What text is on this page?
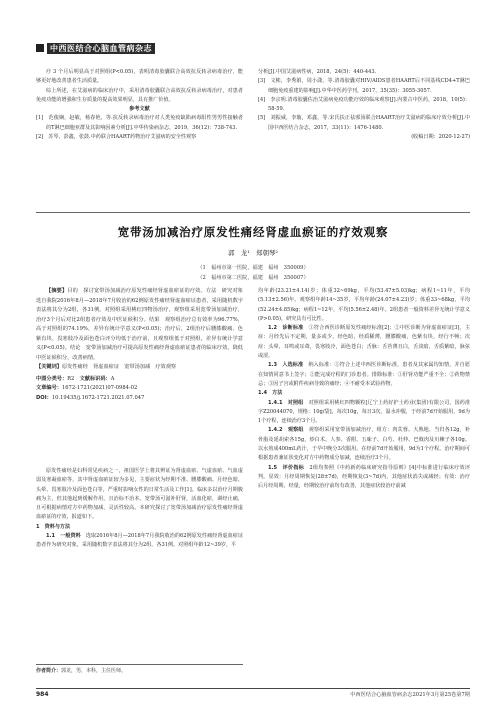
中西医结合心脑血管病杂志

疗 3 个月后明显高于对照组(P<0.05)，表明清毒胶囊联合高效抗反转录病毒治疗，能够更好地改善患者生活质量。

综上所述，在艾滋病的临床治疗中，采用清毒胶囊联合高效抗反转录病毒治疗，对患者免疫功能的增强和生存质量的提高效果明显，具有推广价值。

参考文献

[1]　范俊娴，赵敏，杨春艳，等.抗反转录病毒治疗对人类免疫缺陷病毒阳性男男性接触者的T淋巴细胞亚群及其影响因素分析[J].中华传染病杂志，2019，36(12)：738-743.

[2]　苏琴，彭鑫，张鼓.中药联合HAART药物治疗艾滋病的安全性观察

分析[J].中国艾滋病性病，2018，24(5)：440-443.

[3]　文彬，李秀娟，周小潇，等.清毒胶囊对HIV/AIDS患者HAART后不同基线CD4+T淋巴细胞免疫重建的影响[J].中华中医药学刊，2017，35(35)：3055-3057.

[4]　李宗明.清毒胶囊佐治艾滋病免疫功能疗效的临床观察[J].内蒙古中医药，2018，10(5)：58-59.

[5]　刘振威，李璇，邓鑫，等.宋氏扶正祛邪汤联合HAART治疗艾滋病的临床疗效分析[J].中国中西医结合杂志，2017，33(11)：1476-1480.

(收稿日期：2020-12-27)

宽带汤加减治疗原发性痛经肾虚血瘀证的疗效观察
郭　龙¹　郑朝琴²
（1　福州市第一医院，福建　福州　350009）
（2　福州市第二医院，福建　福州　350007）

【摘要】目的　探讨宽带汤加减治疗原发性痛经肾虚血瘀证的疗效。方法　研究对象选自我院2016年8月—2018年7月收治的62例原发性痛经肾虚血瘀证患者，采用随机数字表法将其分为2组，各31例。对照组采用桃红四物汤治疗，观察组采用宽带汤加减治疗，治疗3个月后对比2组患者疗效及中医证候积分。结果　观察组治疗总有效率为96.77%，高于对照组的74.19%，差异有统计学意义(P<0.05)；治疗后，2组治疗后腰膝酸痛、色紫有块、畏寒肢冷及面色苍白评分均低于治疗前，且观察组低于对照组，差异有统计学意义(P<0.05)。结论　宽带汤加减治疗可提高原发性痛经肾虚血瘀证患者的临床疗效，降低中医证候积分，改善病情。

【关键词】原发性痛经　肾虚血瘀证　宽带汤加减　疗效观察

中图分类号：R2　 文献标识码：A
文章编号：1672-1721(2021)07-0984-02
DOI：10.19435/j.1672-1721.2021.07.047

原发性痛经是妇科常见疾病之一，祖国医学上将其辨证为肾虚血瘀、气虚血瘀、气血虚弱及寒凝血瘀等，其中肾虚血瘀证较为多见，主要症状为经期不准、腰膝酸痛、月经色暗、头晕、畏寒肢冷及面色苍白等，严重时影响女性的日常生活及工作[1]。临床多以治疗月期腹痛为主，但其他起到缓解作用，且治标不治本。宽带汤可滋补肝肾，活血化瘀，调经止痛，且可根据病情对方中药物加减，灵活性较高。本研究探讨了宽带汤加减治疗原发性痛经肾虚血瘀证的疗效，报道如下。

1　资料与方法

1.1　一般资料　 选取2016年8月—2018年7月我院收治的62例原发性痛经肾虚血瘀证患者作为研究对象，采用随机数字表法将其分为2组，各31例。对照组年龄12~39岁，平

均年龄(23.21±4.14)岁；体重32~69kg，平均(53.47±5.03)kg；病程1~11年，平均(5.13±2.56)年。观察组年龄14~35岁，平均年龄(24.07±4.23)岁；体重33~68kg，平均(52.24±4.85)kg；病程1~12年，平均(5.56±2.48)年。2组患者一般资料差异无统计学意义(P>0.05)，研究具有可比性。

1.2　诊断标准　 ①符合西医诊断原发性痛经标准[2]；②中医诊断为肾虚血瘀证[3]，主症：月经先后不定期，量多或少，经色暗，经质稀薄，腰膝酸痛，色紫有块，经行不畅；次症：头晕，耳鸣或耳聋，畏寒肢冷，面色苍白；舌脉：舌苔薄且白，舌淡暗，舌质紫暗，脉弦或涩。

1.3　入选标准　 纳入标准：①符合上述中西医诊断标准，患者及其家属均知情，并自愿在知情同意书上签字；②能完成疗程的门诊患者。排除标准：①肝肾功能严重不全；②药物禁忌；③因子宫或附件疾病导致的痛经；④不耐受本试验药物。

1.4　方法

1.4.1　对照组　 对照组采用桃红四物颗粒[辽宁上药好护士药业(集团)有限公司，国药准字Z20044070，规格：10g/袋]，每次10g，每日3次，温水冲服，于经前7d开始服用，9d为1个疗程，连续治疗3个月。

1.4.2　观察组　 观察组采用宽带汤加减治疗，组方：肉苁蓉、大熟地、当归各12g，补骨脂及延胡索各15g，炒白术、人参、香附、五味子、白芍、杜仲、巴戟肉及川楝子各10g。以水煎成400mL药汁，于早中晚分3次服用。在经前7d开始服用，9d为1个疗程。治疗期间可根据患者兼证状变化对方中药物成分加减，连续治疗3个月。

1.5　评价指标　 2组均参照《中药新药临床研究指导原则》[4]中标准进行临床疗效评判。显效：月经周期恢复(28±7d)，经期恢复(3~7d)内，其他症状消失或减轻；有效：治疗后月经周期，经量，经期较治疗前均有改善，其他症状较治疗前减

作者简介：郭龙，男，本科，主任医师。
984	中西医结合心脑血管病杂志2021年3月第25卷第7期
